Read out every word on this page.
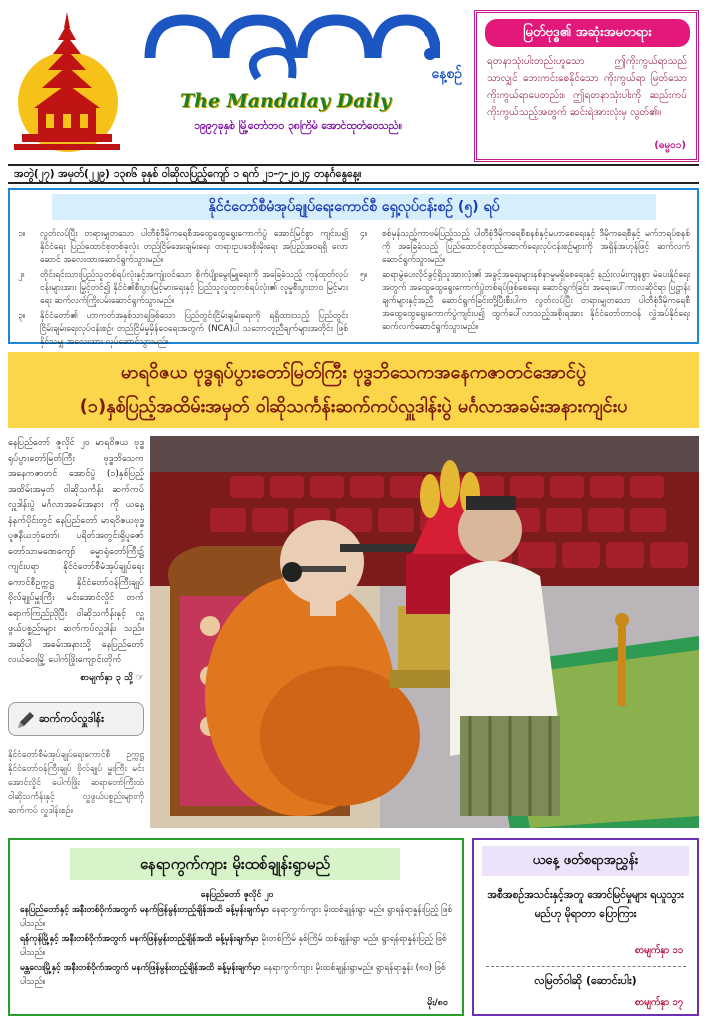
နေ့စဉ်
The Mandalay Daily
၁၉၉၇ခုနှစ် မြို့တော်ဘဝ ၃၈ကြိမ် အောင်ထုတ်ဝေသည်။
မြတ်ဗုဒ္ဓ၏ အဆုံးအမတရား
ရတနာသုံးပါးတည်းဟူသော ဤကိုးကွယ်ရာသည်သာလျှင် ဘေးကင်းစေနိုင်သော ကိုးကွယ်ရာ မြတ်သော ကိုးကွယ်ရာပေတည်း။ ဤရတနာသုံးပါးကို ဆည်းကပ်ကိုးကွယ်သည့်အတွက် ဆင်းရဲအားလုံးမှ လွတ်၏။
(ဓမ္မ၀၁)
အတွဲ(၂၇) အမှတ်(၂၂၉) ၁၃၈၆ ခုနှစ် ဝါဆိုလပြည့်ကျော် ၁ ရက် ၂၁-၇-၂၀၂၄ တနင်္ဂနွေနေ့။
နိုင်ငံတော်စီမံအုပ်ချုပ်ရေးကောင်စီ ရှေ့လုပ်ငန်းစဉ် (၅) ရပ်
၁။	လွတ်လပ်ပြီး တရားမျှတသော ပါတီစုံဒီမိုကရေစီအထွေထွေရွေးကောက်ပွဲ အောင်မြင်စွာ ကျင်းပ၍ နိုင်ငံရေး ပြည်ထောင်စုတစ်ခုလုံး တည်ငြိမ်အေးချမ်းရေး တရားဥပဒေစိုးမိုးရေး အပြည့်အဝရရှိ လော ဆောင် အလေးထားဆောင်ရွက်သွားမည်။
၂။	တိုင်းရင်းသားပြည်သူတစ်ရပ်လုံးနှင့်အကျုံးဝင်သော စိုက်ပျိုးမွေးမြူရေးကို အခြေခံသည့် ကုန်ထုတ်လုပ်ငန်းများအား မြှင့်တင်၍ နိုင်ငံ၏စီးပွားမြင့်မားရေးနှင့် ပြည်သူလူထုတစ်ရပ်လုံး၏ လူမှုစီးပွားဘဝ မြင့်မားရေး ဆက်လက်ကြိုးပမ်းဆောင်ရွက်သွားမည်။
၃။	နိုင်ငံတော်၏ ဟာကတ်အနှစ်သာရဖြစ်သော ပြည်တွင်းငြိမ်းချမ်းရေးကို ရရှိထားသည့် ပြည်တွင်းငြိမ်းချမ်းရေးလုပ်ငန်းစဉ်၊ တည်ငြိမ်မှုမှိန်ဝေရေးအတွက် (NCA)ပါ သဘောတူညီချက်များအတိုင်း ဖြစ်နိုင်သမျှ အလေးထား လုပ်ဆောင်သွားမည်။
၄။	စစ်မှန်သည့်ကာဗမ်ပြည့်သည့် ပါတီစုံဒီမိုကရေစီစနစ်နှင့်မဟာစေရေးနှင့် ဒီမိုကရေစီနှင့် မက်ဘရပ်စနစ်ကို အခြေခံသည့် ပြည်ထောင်စုတည်ဆောက်ရေးလုပ်ငန်းစဉ်များကို အရှိန်အဟုန်ဖြင့် ဆက်လက်ဆောင်ရွက်သွားမည်။
၅။	ဆရာမွဲပေးလိုင်ခွင့်ရှိသူအားလုံး၏ အခွင့်အရေးများနစ်နာမှုမရှိစေရေးနှင့် နည်းလမ်းကျနစွာ မဲပေးနိုင်ရေးအတွက် အထွေထွေရွေးကောက်ပွဲတစ်ရပ်ဖြစ်စေရေး ဆောင်ရွက်ခြင်း အရေးပေါ်ကာလဆိုင်ရာ ပြဋ္ဌာန်းချက်များနှင့်အညီ ဆောင်ရွက်ခြင်းတို့ပြီးစီးပါက လွတ်လပ်ပြီး တရားမျှတသော ပါတီစုံဒီမိုကရေစီ အထွေထွေရွေးကောက်ပွဲကျင်းပ၍ ထွက်ပေါ်လာသည့်အစိုးရအား နိုင်ငံတော်တာဝန် လွှဲအပ်နိုင်ရေး ဆက်လက်ဆောင်ရွက်သွားမည်။
မာရဝိဇယ ဗုဒ္ဓရုပ်ပွားတော်မြတ်ကြီး ဗုဒ္ဓဘိသေကအနေကဇာတင်အောင်ပွဲ
(၁)နှစ်ပြည့်အထိမ်းအမှတ် ဝါဆိုသင်္ကန်းဆက်ကပ်လှူဒါန်းပွဲ မင်္ဂလာအခမ်းအနားကျင်းပ
နေပြည်တော် ဇူလိုင် ၂၀ မာရဝိဇယ ဗုဒ္ဓရုပ်ပွားတော်မြတ်ကြီး ဗုဒ္ဓဘိသေကအနေကဇာတင် အောင်ပွဲ (၁)နှစ်ပြည့်အထိမ်းအမှတ် ဝါဆိုသင်္ကန်း ဆက်ကပ်လှူဒါန်းပွဲ မင်္ဂလာအခမ်းအနား ကို ယနေ့နံနက်ပိုင်းတွင် နေပြည်တော် မာရဝိဇယဗုဒ္ဓပူဇနီယဘုံတော်၊ ပရိတ်အတွင်းရှိပူဇော်တော်သာမဏေကျော် ဓမ္မာရုံတော်ကြီး၌ ကျင်းပရာ နိုင်ငံတော်စီမံအုပ်ချုပ်ရေးကောင်စီဥက္ကဋ္ဌ နိုင်ငံတော်ဝန်ကြီးချုပ် ဗိုလ်ချုပ်မှူးကြီး မင်းအောင်လှိုင် တက်ရောက်ကြည်ညိုပြီး ဝါဆိုသင်္ကန်းနှင့် လှူဖွယ်ပစ္စည်းများ ဆက်ကပ်လှူဒါန်း သည်။ အဆိုပါ အခမ်းအနားသို့ နေပြည်တော် လယ်ဝေးမြို့ ပေါက်ဖြိုးကျောင်းတိုက်
စာမျက်နှာ ၃ သို့ ☞
ဆက်ကပ်လှူဒါန်း
နိုင်ငံတော်စီမံအုပ်ချုပ်ရေးကောင်စီ ဥက္ကဋ္ဌ နိုင်ငံတော်ဝန်ကြီးချုပ် ဗိုလ်ချုပ် မှူးကြီး မင်းအောင်လှိုင် ပေါက်ဖြိုး ဆရာတော်ကြီးထံ ဝါဆိုသင်္ကန်းနှင့် လှူဖွယ်ပစ္စည်းများကို ဆက်ကပ် လှူဒါန်းစဉ်။
နေရာကွက်ကျား မိုးထစ်ချုန်းရွာမည်
နေပြည်တော် ဇူလိုင် ၂၀
နေပြည်တော်နှင့် အနီးတစ်ဝိုက်အတွက် မနက်ဖြန်မွန်းတည့်ချိန်အထိ ခန့်မှန်းချက်မှာ နေရာကွက်ကျား မိုးထစ်ချုန်းရွာ မည်။ ရွာရန်ရာနှုန်းပြည့် ဖြစ်ပါသည်။
ရန်ကုန်မြို့နှင့် အနီးတစ်ဝိုက်အတွက် မနက်ဖြန်မွန်းတည့်ချိန်အထိ ခန့်မှန်းချက်မှာ မိုးတစ်ကြိမ် နှစ်ကြိမ် ထစ်ချုန်းရွာ မည်။ ရွာရန်ရာနှုန်းပြည့် ဖြစ်ပါသည်။
မန္တလေးမြို့နှင့် အနီးတစ်ဝိုက်အတွက် မနက်ဖြန်မွန်းတည့်ချိန်အထိ ခန့်မှန်းချက်မှာ နေရာကွက်ကျား မိုးထစ်ချုန်းရွာမည်။ ရွာရန်ရာနှုန်း (၈၀) ဖြစ်ပါသည်။
မိုး/၈၀
ယနေ့ ဖတ်စရာအညွှန်း
အစီအစဉ်အသင်းနှင့်အတူ အောင်မြင်မှုများ ရယူသွားမည်ဟု မိုရာတာ ပြောကြား
စာမျက်နှာ ၁၁
လမြတ်ဝါဆို (ဆောင်းပါး)
စာမျက်နှာ ၁၇
